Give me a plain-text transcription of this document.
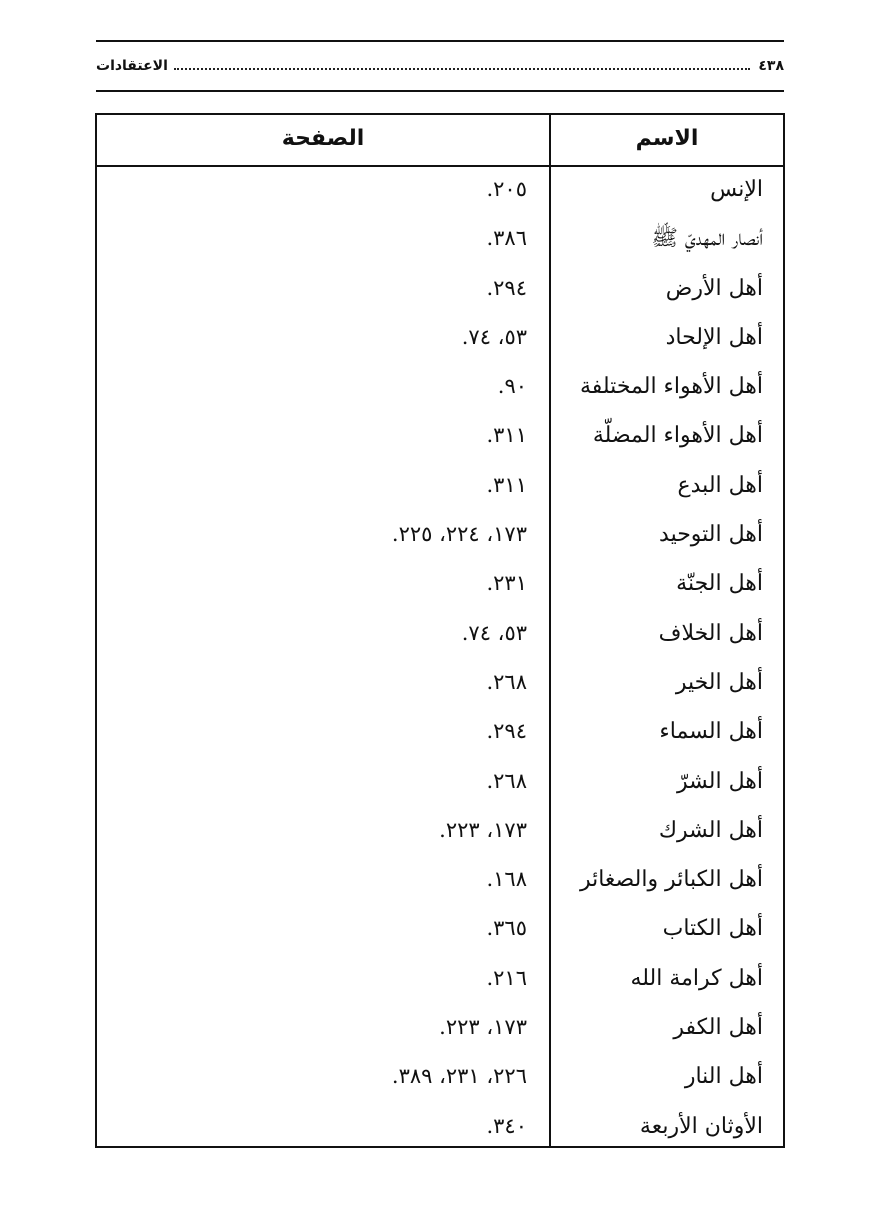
٤٣٨
الاعتقادات
الاسم
الصفحة
الإنس
٢٠٥.
أنصار المهديّ ﷺ
٣٨٦.
أهل الأرض
٢٩٤.
أهل الإلحاد
٥٣، ٧٤.
أهل الأهواء المختلفة
٩٠.
أهل الأهواء المضلّة
٣١١.
أهل البدع
٣١١.
أهل التوحيد
١٧٣، ٢٢٤، ٢٢٥.
أهل الجنّة
٢٣١.
أهل الخلاف
٥٣، ٧٤.
أهل الخير
٢٦٨.
أهل السماء
٢٩٤.
أهل الشرّ
٢٦٨.
أهل الشرك
١٧٣، ٢٢٣.
أهل الكبائر والصغائر
١٦٨.
أهل الكتاب
٣٦٥.
أهل كرامة الله
٢١٦.
أهل الكفر
١٧٣، ٢٢٣.
أهل النار
٢٢٦، ٢٣١، ٣٨٩.
الأوثان الأربعة
٣٤٠.
